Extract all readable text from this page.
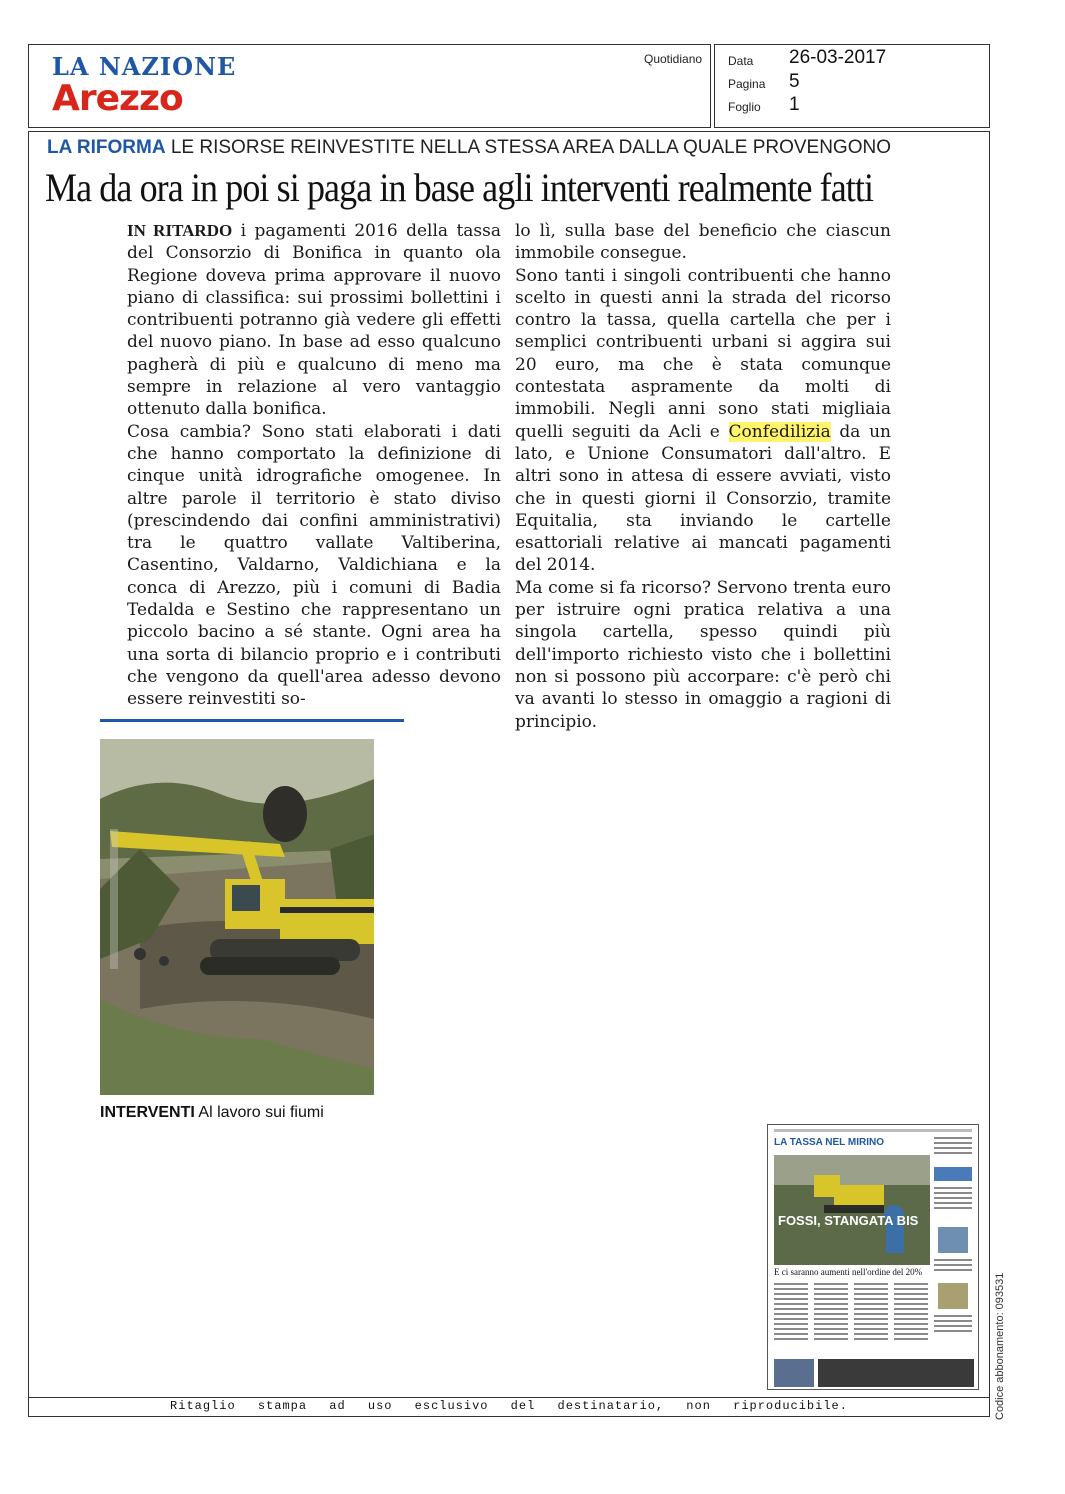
LA NAZIONE
Arezzo
Quotidiano Data 26-03-2017
Pagina 5
Foglio 1
LA RIFORMA LE RISORSE REINVESTITE NELLA STESSA AREA DALLA QUALE PROVENGONO
Ma da ora in poi si paga in base agli interventi realmente fatti

IN RITARDO i pagamenti 2016 della tassa del Consorzio di Bonifica in quanto ola Regione doveva prima approvare il nuovo piano di classifica: sui prossimi bollettini i contribuenti potranno già vedere gli effetti del nuovo piano. In base ad esso qualcuno pagherà di più e qualcuno di meno ma sempre in relazione al vero vantaggio ottenuto dalla bonifica.

Cosa cambia? Sono stati elaborati i dati che hanno comportato la definizione di cinque unità idrografiche omogenee. In altre parole il territorio è stato diviso (prescindendo dai confini amministrativi) tra le quattro vallate Valtiberina, Casentino, Valdarno, Valdichiana e la conca di Arezzo, più i comuni di Badia Tedalda e Sestino che rappresentano un piccolo bacino a sé stante. Ogni area ha una sorta di bilancio proprio e i contributi che vengono da quell'area adesso devono essere reinvestiti so-

lo lì, sulla base del beneficio che ciascun immobile consegue.

Sono tanti i singoli contribuenti che hanno scelto in questi anni la strada del ricorso contro la tassa, quella cartella che per i semplici contribuenti urbani si aggira sui 20 euro, ma che è stata comunque contestata aspramente da molti di immobili. Negli anni sono stati migliaia quelli seguiti da Acli e Confedilizia da un lato, e Unione Consumatori dall'altro. E altri sono in attesa di essere avviati, visto che in questi giorni il Consorzio, tramite Equitalia, sta inviando le cartelle esattoriali relative ai mancati pagamenti del 2014.

Ma come si fa ricorso? Servono trenta euro per istruire ogni pratica relativa a una singola cartella, spesso quindi più dell'importo richiesto visto che i bollettini non si possono più accorpare: c'è però chi va avanti lo stesso in omaggio a ragioni di principio.

INTERVENTI Al lavoro sui fiumi
LA TASSA NEL MIRINO
FOSSI, STANGATA BIS
E ci saranno aumenti nell'ordine del 20%
Codice abbonamento: 093531
Ritaglio stampa ad uso esclusivo del destinatario, non riproducibile.
